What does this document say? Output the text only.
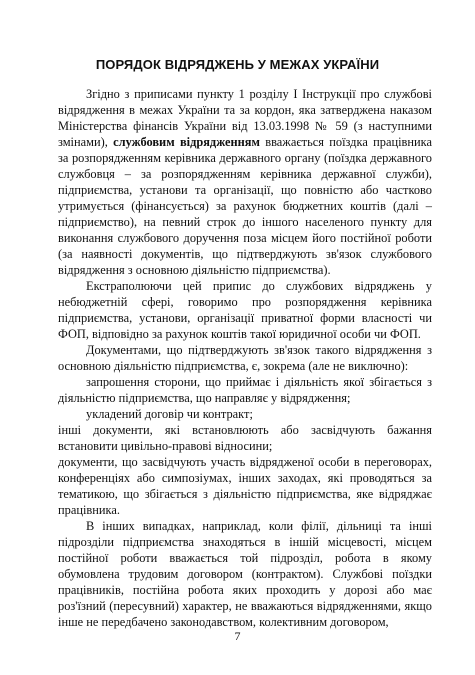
ПОРЯДОК ВІДРЯДЖЕНЬ У МЕЖАХ УКРАЇНИ

Згідно з приписами пункту 1 розділу І Інструкції про службові відрядження в межах України та за кордон, яка затверджена наказом Міністерства фінансів України від 13.03.1998 № 59 (з наступними змінами), службовим відрядженням вважається поїздка працівника за розпорядженням керівника державного органу (поїздка державного службовця – за розпорядженням керівника державної служби), підприємства, установи та організації, що повністю або частково утримується (фінансується) за рахунок бюджетних коштів (далі – підприємство), на певний строк до іншого населеного пункту для виконання службового доручення поза місцем його постійної роботи (за наявності документів, що підтверджують зв'язок службового відрядження з основною діяльністю підприємства).

Екстраполюючи цей припис до службових відряджень у небюджетній сфері, говоримо про розпорядження керівника підприємства, установи, організації приватної форми власності чи ФОП, відповідно за рахунок коштів такої юридичної особи чи ФОП.

Документами, що підтверджують зв'язок такого відрядження з основною діяльністю підприємства, є, зокрема (але не виключно):

запрошення сторони, що приймає і діяльність якої збігається з діяльністю підприємства, що направляє у відрядження;

укладений договір чи контракт;

інші документи, які встановлюють або засвідчують бажання встановити цивільно-правові відносини;

документи, що засвідчують участь відрядженої особи в переговорах, конференціях або симпозіумах, інших заходах, які проводяться за тематикою, що збігається з діяльністю підприємства, яке відряджає працівника.

В інших випадках, наприклад, коли філії, дільниці та інші підрозділи підприємства знаходяться в іншій місцевості, місцем постійної роботи вважається той підрозділ, робота в якому обумовлена трудовим договором (контрактом). Службові поїздки працівників, постійна робота яких проходить у дорозі або має роз'їзний (пересувний) характер, не вважаються відрядженнями, якщо інше не передбачено законодавством, колективним договором,

7
